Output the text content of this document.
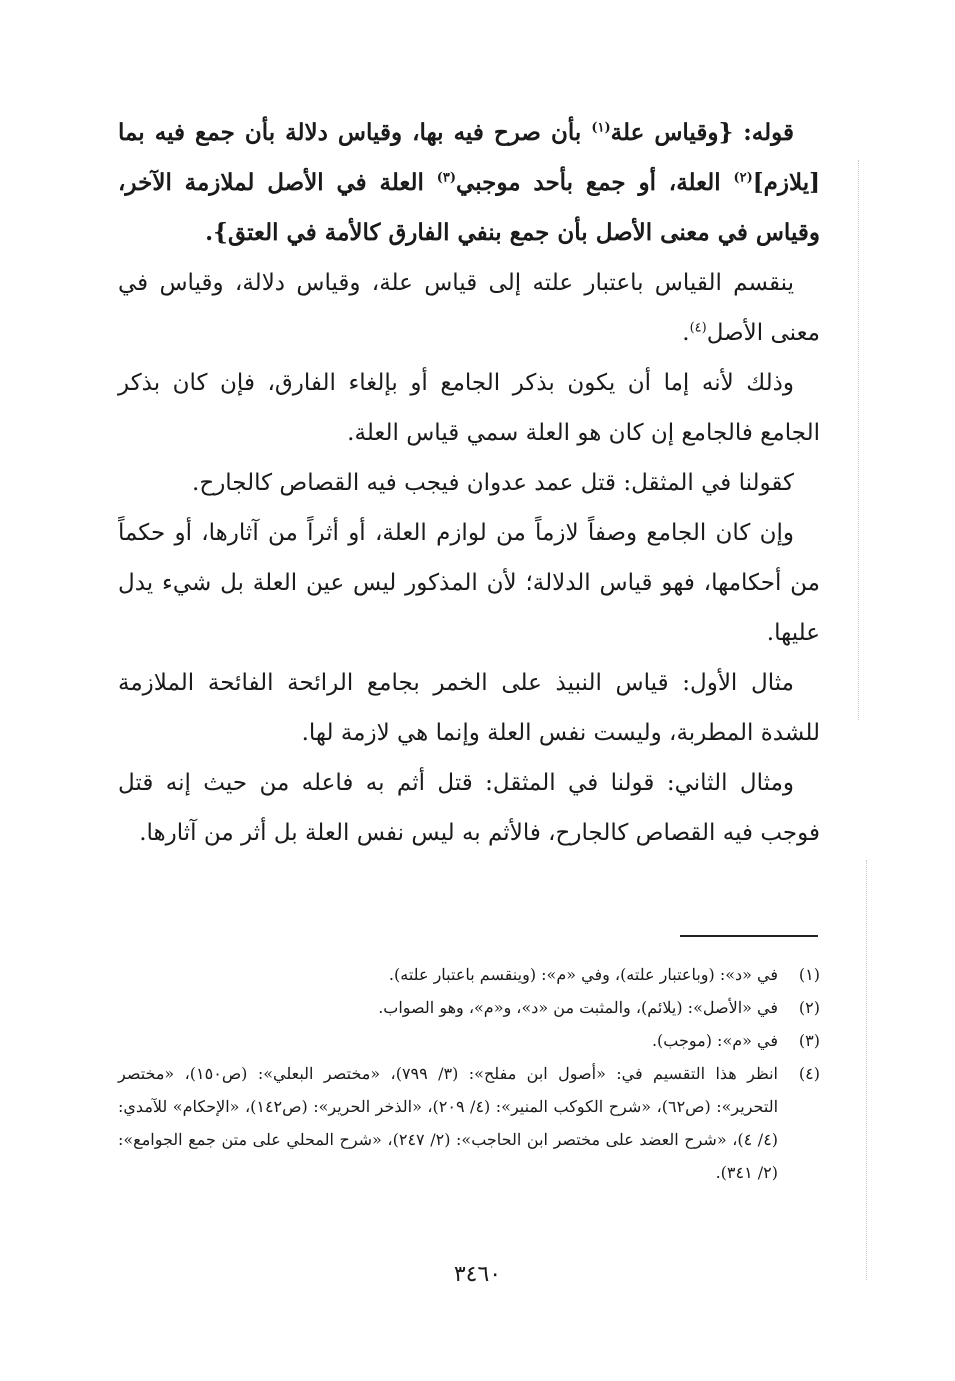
قوله: {وقياس علة$^{(١)}$ بأن صرح فيه بها، وقياس دلالة بأن جمع فيه بما [يلازم]$^{(٢)}$ العلة، أو جمع بأحد موجبي$^{(٣)}$ العلة في الأصل لملازمة الآخر، وقياس في معنى الأصل بأن جمع بنفي الفارق كالأمة في العتق}.

ينقسم القياس باعتبار علته إلى قياس علة، وقياس دلالة، وقياس في معنى الأصل$^{(٤)}$.

وذلك لأنه إما أن يكون بذكر الجامع أو بإلغاء الفارق، فإن كان بذكر الجامع فالجامع إن كان هو العلة سمي قياس العلة.

كقولنا في المثقل: قتل عمد عدوان فيجب فيه القصاص كالجارح.

وإن كان الجامع وصفاً لازماً من لوازم العلة، أو أثراً من آثارها، أو حكماً من أحكامها، فهو قياس الدلالة؛ لأن المذكور ليس عين العلة بل شيء يدل عليها.

مثال الأول: قياس النبيذ على الخمر بجامع الرائحة الفائحة الملازمة للشدة المطربة، وليست نفس العلة وإنما هي لازمة لها.

ومثال الثاني: قولنا في المثقل: قتل أثم به فاعله من حيث إنه قتل فوجب فيه القصاص كالجارح، فالأثم به ليس نفس العلة بل أثر من آثارها.

(١)
في «د»: (وباعتبار علته)، وفي «م»: (وينقسم باعتبار علته).
(٢)
في «الأصل»: (يلائم)، والمثبت من «د»، و«م»، وهو الصواب.
(٣)
في «م»: (موجب).
(٤)
انظر هذا التقسيم في: «أصول ابن مفلح»: (٣/ ٧٩٩)، «مختصر البعلي»: (ص١٥٠)، «مختصر التحرير»: (ص٦٢)، «شرح الكوكب المنير»: (٤/ ٢٠٩)، «الذخر الحرير»: (ص١٤٢)، «الإحكام» للآمدي: (٤/ ٤)، «شرح العضد على مختصر ابن الحاجب»: (٢/ ٢٤٧)، «شرح المحلي على متن جمع الجوامع»: (٢/ ٣٤١).
٣٤٦٠
